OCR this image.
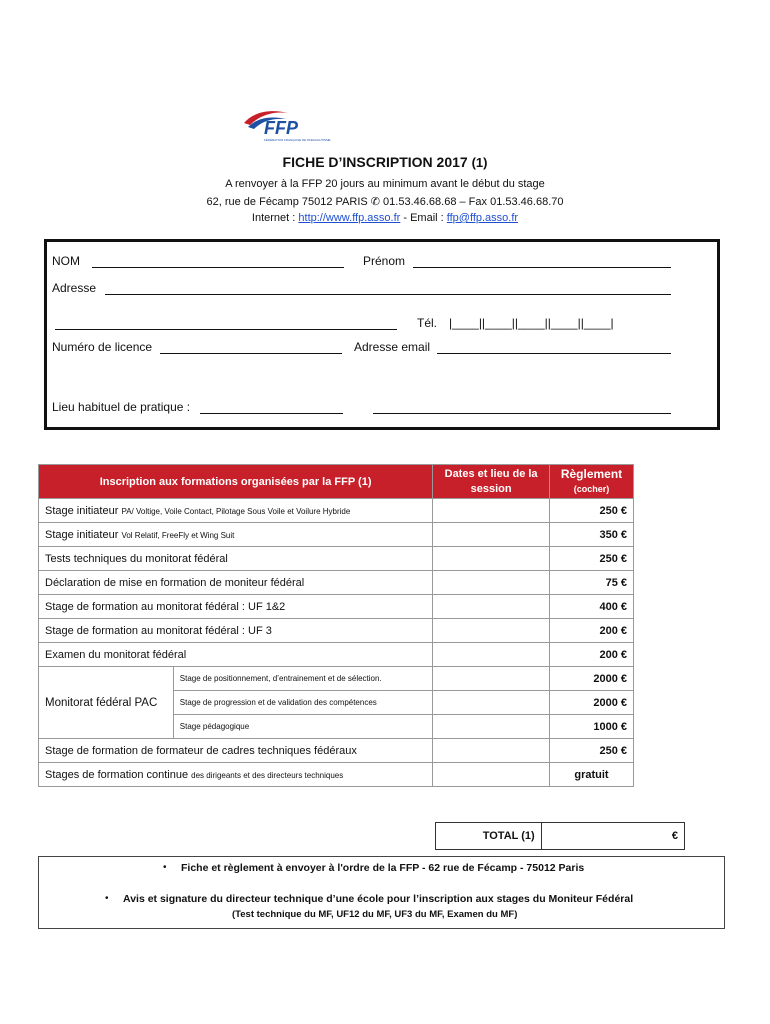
FFP
FÉDÉRATION FRANÇAISE DE PARACHUTISME
FICHE D’INSCRIPTION 2017 (1)
A renvoyer à la FFP 20 jours au minimum avant le début du stage
62, rue de Fécamp 75012 PARIS ✆ 01.53.46.68.68 – Fax 01.53.46.68.70
Internet : http://www.ffp.asso.fr - Email : ffp@ffp.asso.fr
NOM	Prénom
Adresse
Tél. |____||____||____||____||____|
Numéro de licence	Adresse email
Lieu habituel de pratique :
Inscription aux formations organisées par la FFP (1)		Dates et lieu de la session	Règlement
(cocher)

Stage initiateur PA/ Voltige, Voile Contact, Pilotage Sous Voile et Voilure Hybride			250 €
Stage initiateur Vol Relatif, FreeFly et Wing Suit			350 €
Tests techniques du monitorat fédéral			250 €
Déclaration de mise en formation de moniteur fédéral			75 €
Stage de formation au monitorat fédéral : UF 1&2			400 €
Stage de formation au monitorat fédéral : UF 3			200 €
Examen du monitorat fédéral			200 €
Monitorat fédéral PAC	Stage de positionnement, d’entrainement et de sélection.		2000 €
	Stage de progression et de validation des compétences		2000 €
	Stage pédagogique		1000 €
Stage de formation de formateur de cadres techniques fédéraux			250 €
Stages de formation continue des dirigeants et des directeurs techniques			gratuit
TOTAL (1)	€
• Fiche et règlement à envoyer à l'ordre de la FFP - 62 rue de Fécamp - 75012 Paris
• Avis et signature du directeur technique d’une école pour l’inscription aux stages du Moniteur Fédéral
(Test technique du MF, UF12 du MF, UF3 du MF, Examen du MF)
